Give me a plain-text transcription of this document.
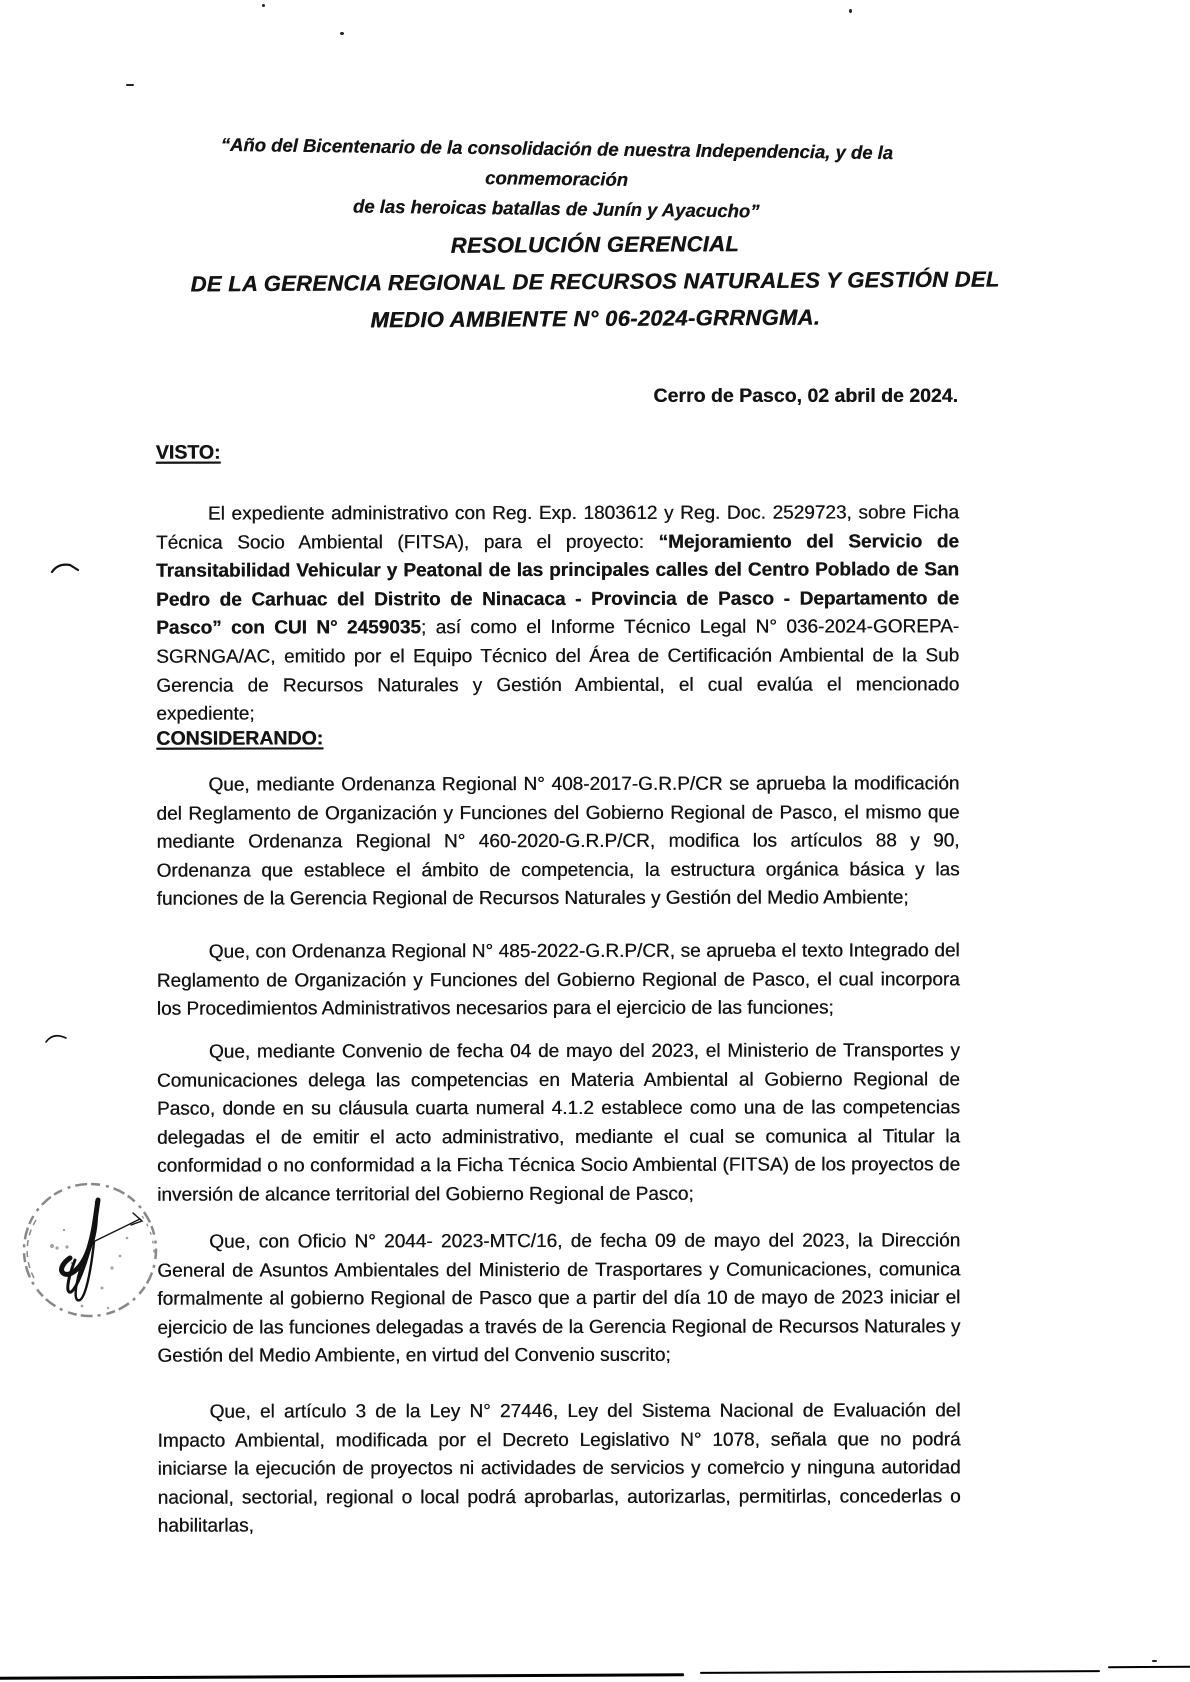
“Año del Bicentenario de la consolidación de nuestra Independencia, y de la conmemoración
de las heroicas batallas de Junín y Ayacucho”
RESOLUCIÓN GERENCIAL
DE LA GERENCIA REGIONAL DE RECURSOS NATURALES Y GESTIÓN DEL
MEDIO AMBIENTE N° 06-2024-GRRNGMA.
Cerro de Pasco, 02 abril de 2024.
VISTO:

El expediente administrativo con Reg. Exp. 1803612 y Reg. Doc. 2529723, sobre Ficha Técnica Socio Ambiental (FITSA), para el proyecto: “Mejoramiento del Servicio de Transitabilidad Vehicular y Peatonal de las principales calles del Centro Poblado de San Pedro de Carhuac del Distrito de Ninacaca - Provincia de Pasco - Departamento de Pasco” con CUI N° 2459035; así como el Informe Técnico Legal N° 036-2024-GOREPA-SGRNGA/AC, emitido por el Equipo Técnico del Área de Certificación Ambiental de la Sub Gerencia de Recursos Naturales y Gestión Ambiental, el cual evalúa el mencionado expediente;

CONSIDERANDO:

Que, mediante Ordenanza Regional N° 408-2017-G.R.P/CR se aprueba la modificación del Reglamento de Organización y Funciones del Gobierno Regional de Pasco, el mismo que mediante Ordenanza Regional N° 460-2020-G.R.P/CR, modifica los artículos 88 y 90, Ordenanza que establece el ámbito de competencia, la estructura orgánica básica y las funciones de la Gerencia Regional de Recursos Naturales y Gestión del Medio Ambiente;

Que, con Ordenanza Regional N° 485-2022-G.R.P/CR, se aprueba el texto Integrado del Reglamento de Organización y Funciones del Gobierno Regional de Pasco, el cual incorpora los Procedimientos Administrativos necesarios para el ejercicio de las funciones;

Que, mediante Convenio de fecha 04 de mayo del 2023, el Ministerio de Transportes y Comunicaciones delega las competencias en Materia Ambiental al Gobierno Regional de Pasco, donde en su cláusula cuarta numeral 4.1.2 establece como una de las competencias delegadas el de emitir el acto administrativo, mediante el cual se comunica al Titular la conformidad o no conformidad a la Ficha Técnica Socio Ambiental (FITSA) de los proyectos de inversión de alcance territorial del Gobierno Regional de Pasco;

Que, con Oficio N° 2044- 2023-MTC/16, de fecha 09 de mayo del 2023, la Dirección General de Asuntos Ambientales del Ministerio de Trasportares y Comunicaciones, comunica formalmente al gobierno Regional de Pasco que a partir del día 10 de mayo de 2023 iniciar el ejercicio de las funciones delegadas a través de la Gerencia Regional de Recursos Naturales y Gestión del Medio Ambiente, en virtud del Convenio suscrito;

Que, el artículo 3 de la Ley N° 27446, Ley del Sistema Nacional de Evaluación del Impacto Ambiental, modificada por el Decreto Legislativo N° 1078, señala que no podrá iniciarse la ejecución de proyectos ni actividades de servicios y comercio y ninguna autoridad nacional, sectorial, regional o local podrá aprobarlas, autorizarlas, permitirlas, concederlas o habilitarlas,
